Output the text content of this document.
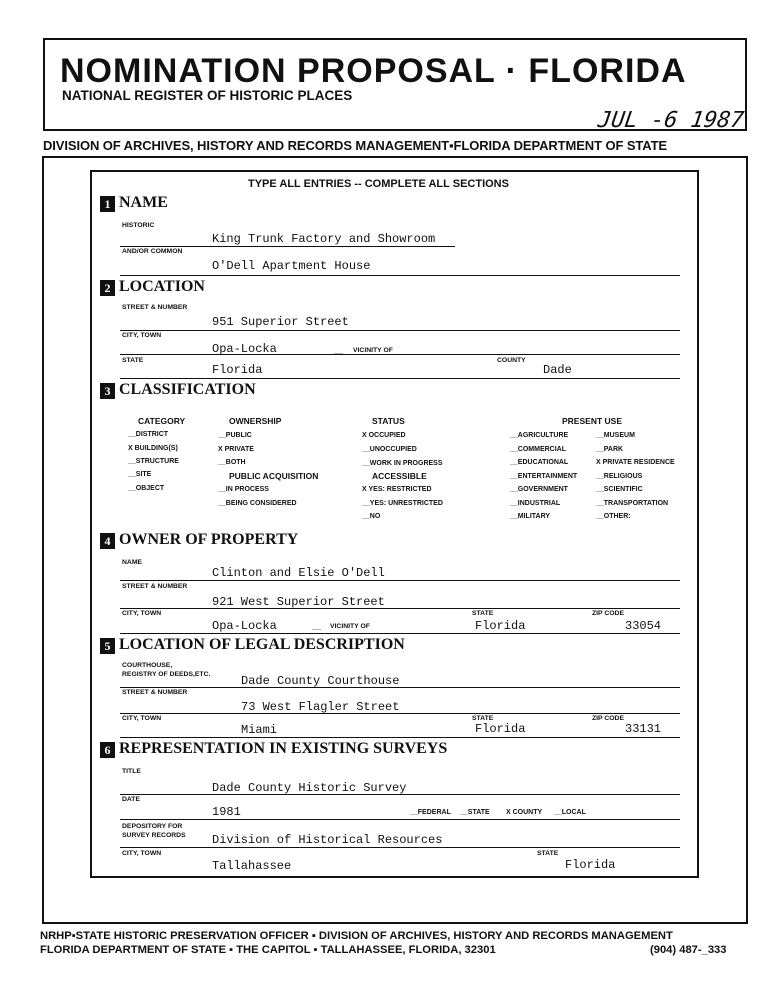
NOMINATION PROPOSAL · FLORIDA
NATIONAL REGISTER OF HISTORIC PLACES
JUL -6 1987
DIVISION OF ARCHIVES, HISTORY AND RECORDS MANAGEMENT▪FLORIDA DEPARTMENT OF STATE
TYPE ALL ENTRIES -- COMPLETE ALL SECTIONS
1 NAME
HISTORIC
King Trunk Factory and Showroom
AND/OR COMMON
O'Dell Apartment House
2 LOCATION
STREET & NUMBER
951 Superior Street
CITY, TOWN
Opa-Locka	__ VICINITY OF
STATE	COUNTY
Florida	Dade
3 CLASSIFICATION
CATEGORY
__DISTRICT
X BUILDING(S)
__STRUCTURE
__SITE
__OBJECT
OWNERSHIP
__PUBLIC
X PRIVATE
__BOTH
PUBLIC ACQUISITION
__IN PROCESS
__BEING CONSIDERED
STATUS
X OCCUPIED
__UNOCCUPIED
__WORK IN PROGRESS
ACCESSIBLE
X YES: RESTRICTED
__YES: UNRESTRICTED
__NO
PRESENT USE
__AGRICULTURE
__COMMERCIAL
__EDUCATIONAL
__ENTERTAINMENT
__GOVERNMENT
__INDUSTRIAL
__MILITARY
__MUSEUM
__PARK
X PRIVATE RESIDENCE
__RELIGIOUS
__SCIENTIFIC
__TRANSPORTATION
__OTHER:
4 OWNER OF PROPERTY
NAME
Clinton and Elsie O'Dell
STREET & NUMBER
921 West Superior Street
CITY, TOWN	STATE	ZIP CODE
Opa-Locka	__ VICINITY OF	Florida	33054
5 LOCATION OF LEGAL DESCRIPTION
COURTHOUSE,
REGISTRY OF DEEDS,ETC.	Dade County Courthouse
STREET & NUMBER
73 West Flagler Street
CITY, TOWN	STATE	ZIP CODE
Miami	Florida	33131
6 REPRESENTATION IN EXISTING SURVEYS
TITLE
Dade County Historic Survey
DATE
1981	__FEDERAL __STATE X COUNTY __LOCAL
DEPOSITORY FOR
SURVEY RECORDS Division of Historical Resources
CITY, TOWN	STATE
Tallahassee	Florida
NRHP▪STATE HISTORIC PRESERVATION OFFICER ▪ DIVISION OF ARCHIVES, HISTORY AND RECORDS MANAGEMENT
FLORIDA DEPARTMENT OF STATE ▪ THE CAPITOL ▪ TALLAHASSEE, FLORIDA, 32301	(904) 487-_333
